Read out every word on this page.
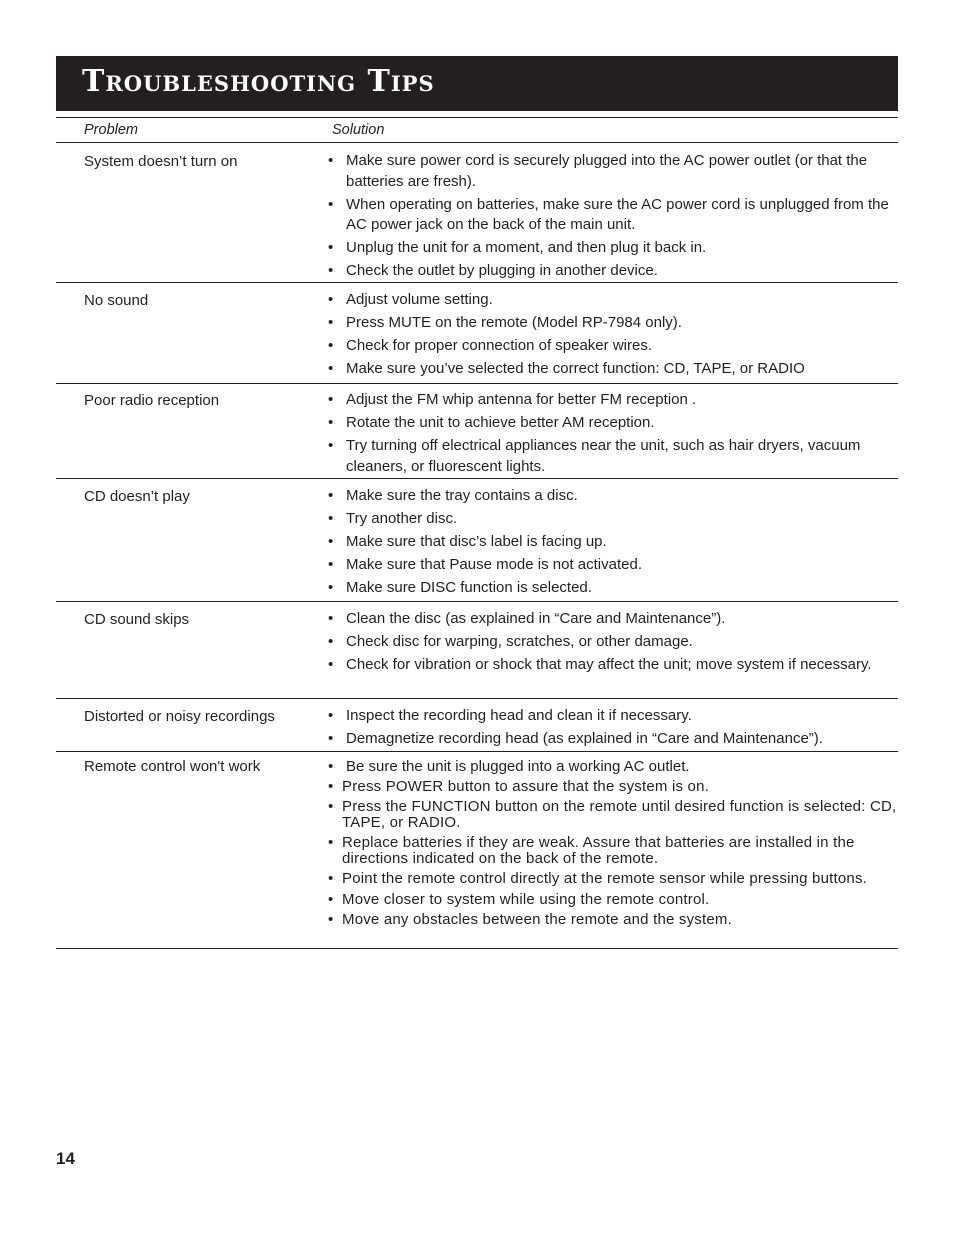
Troubleshooting Tips
Problem	Solution
System doesn’t turn on	• Make sure power cord is securely plugged into the AC power outlet (or that the batteries are fresh).
• When operating on batteries, make sure the AC power cord is unplugged from the AC power jack on the back of the main unit.
• Unplug the unit for a moment, and then plug it back in.
• Check the outlet by plugging in another device.
No sound	• Adjust volume setting.
• Press MUTE on the remote (Model RP-7984 only).
• Check for proper connection of speaker wires.
• Make sure you’ve selected the correct function: CD, TAPE, or RADIO
Poor radio reception	• Adjust the FM whip antenna for better FM reception .
• Rotate the unit to achieve better AM reception.
• Try turning off electrical appliances near the unit, such as hair dryers, vacuum cleaners, or fluorescent lights.
CD doesn’t play	• Make sure the tray contains a disc.
• Try another disc.
• Make sure that disc’s label is facing up.
• Make sure that Pause mode is not activated.
• Make sure DISC function is selected.
CD sound skips	• Clean the disc (as explained in “Care and Maintenance”).
• Check disc for warping, scratches, or other damage.
• Check for vibration or shock that may affect the unit; move system if necessary.
Distorted or noisy recordings	• Inspect the recording head and clean it if necessary.
• Demagnetize recording head (as explained in “Care and Maintenance”).
Remote control won't work	• Be sure the unit is plugged into a working AC outlet.
• Press POWER button to assure that the system is on.
• Press the FUNCTION button on the remote until desired function is selected: CD, TAPE, or RADIO.
• Replace batteries if they are weak. Assure that batteries are installed in the directions indicated on the back of the remote.
• Point the remote control directly at the remote sensor while pressing buttons.
• Move closer to system while using the remote control.
• Move any obstacles between the remote and the system.
14
